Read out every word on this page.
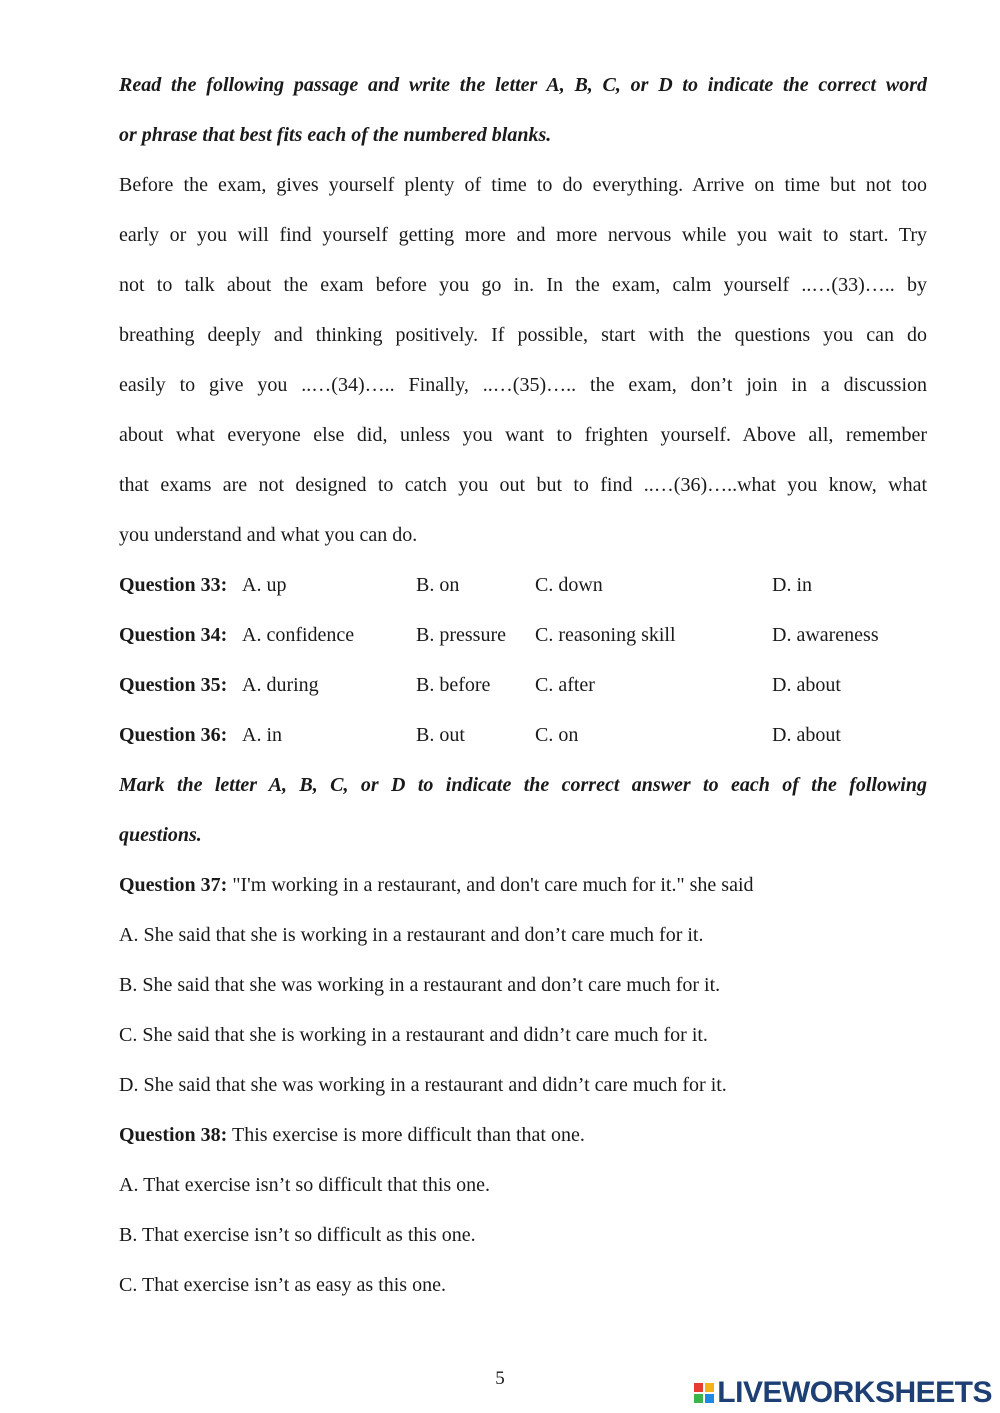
Read the following passage and write the letter A, B, C, or D to indicate the correct word
or phrase that best fits each of the numbered blanks.
Before the exam, gives yourself plenty of time to do everything. Arrive on time but not too
early or you will find yourself getting more and more nervous while you wait to start. Try
not to talk about the exam before you go in. In the exam, calm yourself ..…(33)….. by
breathing deeply and thinking positively. If possible, start with the questions you can do
easily to give you ..…(34)….. Finally, ..…(35)….. the exam, don’t join in a discussion
about what everyone else did, unless you want to frighten yourself. Above all, remember
that exams are not designed to catch you out but to find ..…(36)…..what you know, what
you understand and what you can do.
Question 33: A. up	B. on	C. down	D. in
Question 34: A. confidence	B. pressure C. reasoning skill	D. awareness
Question 35: A. during	B. before C. after	D. about
Question 36: A. in	B. out	C. on	D. about
Mark the letter A, B, C, or D to indicate the correct answer to each of the following
questions.
Question 37: "I'm working in a restaurant, and don't care much for it." she said
A. She said that she is working in a restaurant and don’t care much for it.
B. She said that she was working in a restaurant and don’t care much for it.
C. She said that she is working in a restaurant and didn’t care much for it.
D. She said that she was working in a restaurant and didn’t care much for it.
Question 38: This exercise is more difficult than that one.
A. That exercise isn’t so difficult that this one.
B. That exercise isn’t so difficult as this one.
C. That exercise isn’t as easy as this one.
5	LIVEWORKSHEETS
